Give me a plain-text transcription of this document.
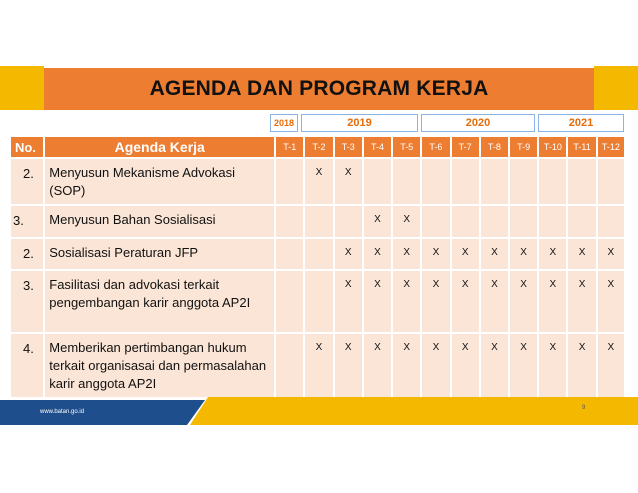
AGENDA DAN PROGRAM KERJA
2018	2019	2020	2021
No.	Agenda Kerja	T-1	T-2	T-3	T-4	T-5	T-6	T-7	T-8	T-9	T-10	T-11	T-12
2.	Menyusun Mekanisme Advokasi (SOP)		X	X									
3.	Menyusun Bahan Sosialisasi				X	X							
2.	Sosialisasi Peraturan JFP			X	X	X	X	X	X	X	X	X	X
3.	Fasilitasi dan advokasi terkait pengembangan karir anggota AP2I			X	X	X	X	X	X	X	X	X	X
4.	Memberikan pertimbangan hukum terkait organisasai dan permasalahan karir anggota AP2I		X	X	X	X	X	X	X	X	X	X	X
www.batan.go.id
9
